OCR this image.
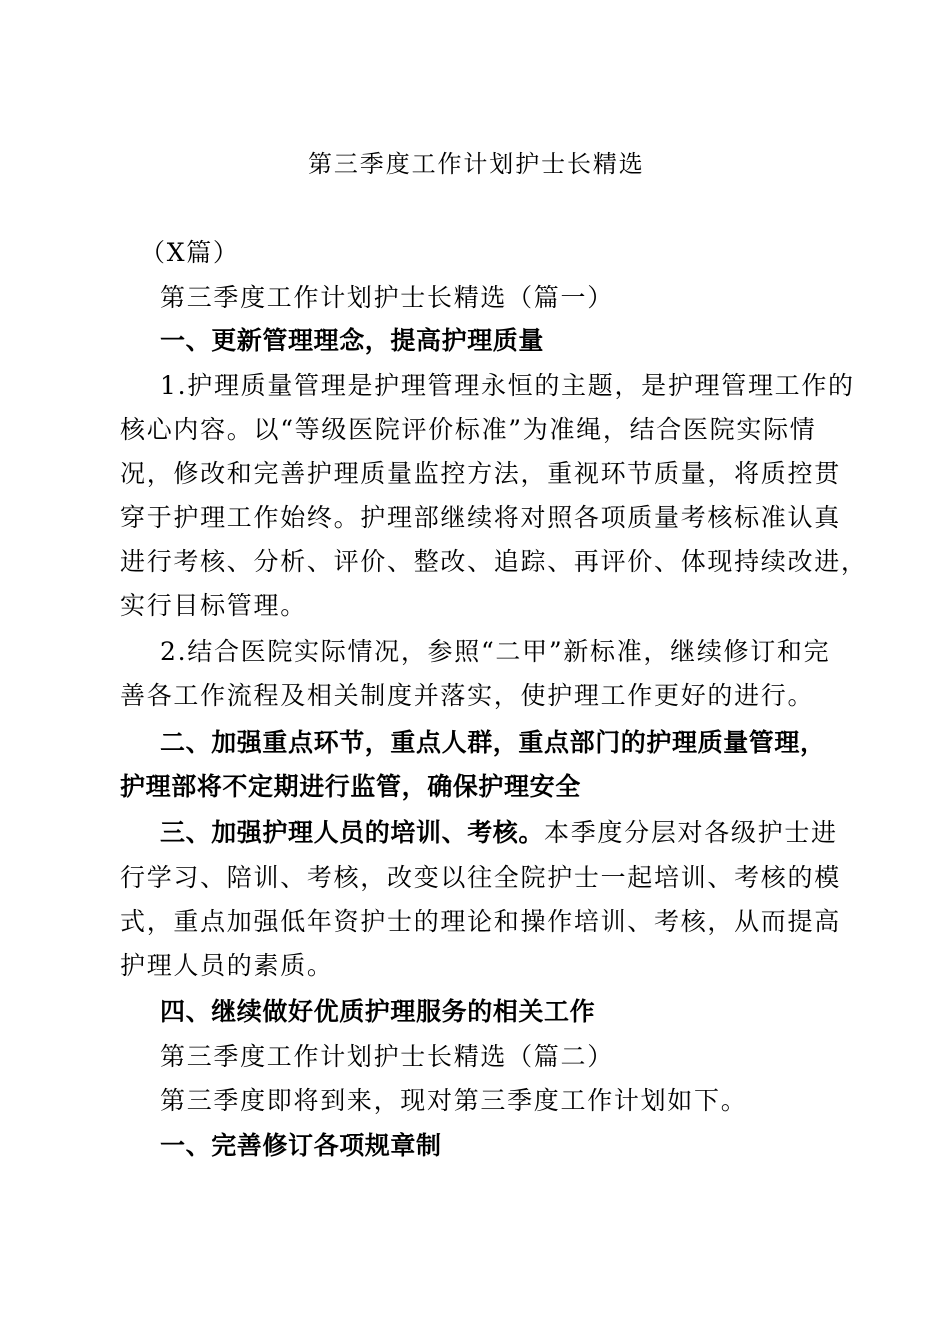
第三季度工作计划护士长精选
（X篇）
第三季度工作计划护士长精选（篇一）
一、更新管理理念，提高护理质量
1.护理质量管理是护理管理永恒的主题，是护理管理工作的
核心内容。以“等级医院评价标准”为准绳，结合医院实际情
况，修改和完善护理质量监控方法，重视环节质量，将质控贯
穿于护理工作始终。护理部继续将对照各项质量考核标准认真
进行考核、分析、评价、整改、追踪、再评价、体现持续改进，
实行目标管理。
2.结合医院实际情况，参照“二甲”新标准，继续修订和完
善各工作流程及相关制度并落实，使护理工作更好的进行。
二、加强重点环节，重点人群，重点部门的护理质量管理，
护理部将不定期进行监管，确保护理安全
三、加强护理人员的培训、考核。本季度分层对各级护士进
行学习、陪训、考核，改变以往全院护士一起培训、考核的模
式，重点加强低年资护士的理论和操作培训、考核，从而提高
护理人员的素质。
四、继续做好优质护理服务的相关工作
第三季度工作计划护士长精选（篇二）
第三季度即将到来，现对第三季度工作计划如下。
一、完善修订各项规章制
